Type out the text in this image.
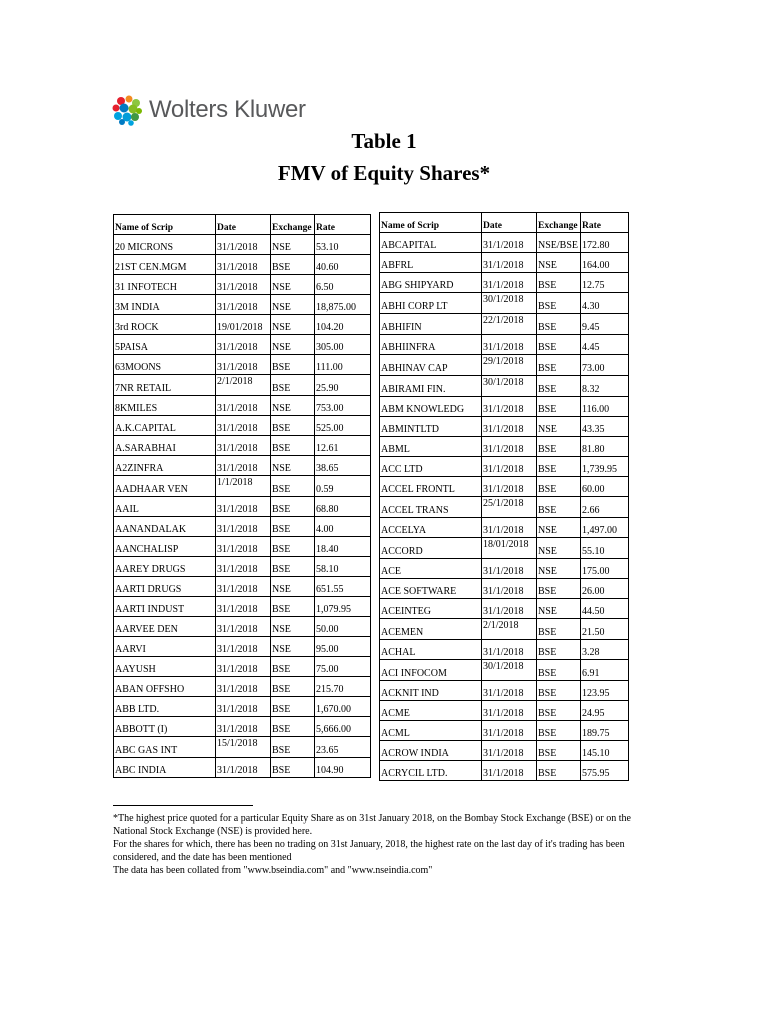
Wolters Kluwer
Table 1
FMV of Equity Shares*
Name of Scrip	Date	Exchange	Rate
20 MICRONS	31/1/2018	NSE	53.10
21ST CEN.MGM	31/1/2018	BSE	40.60
31 INFOTECH	31/1/2018	NSE	6.50
3M INDIA	31/1/2018	NSE	18,875.00
3rd ROCK	19/01/2018	NSE	104.20
5PAISA	31/1/2018	NSE	305.00
63MOONS	31/1/2018	BSE	111.00
7NR RETAIL	2/1/2018	BSE	25.90
8KMILES	31/1/2018	NSE	753.00
A.K.CAPITAL	31/1/2018	BSE	525.00
A.SARABHAI	31/1/2018	BSE	12.61
A2ZINFRA	31/1/2018	NSE	38.65
AADHAAR VEN	1/1/2018	BSE	0.59
AAIL	31/1/2018	BSE	68.80
AANANDALAK	31/1/2018	BSE	4.00
AANCHALISP	31/1/2018	BSE	18.40
AAREY DRUGS	31/1/2018	BSE	58.10
AARTI DRUGS	31/1/2018	NSE	651.55
AARTI INDUST	31/1/2018	BSE	1,079.95
AARVEE DEN	31/1/2018	NSE	50.00
AARVI	31/1/2018	NSE	95.00
AAYUSH	31/1/2018	BSE	75.00
ABAN OFFSHO	31/1/2018	BSE	215.70
ABB LTD.	31/1/2018	BSE	1,670.00
ABBOTT (I)	31/1/2018	BSE	5,666.00
ABC GAS INT	15/1/2018	BSE	23.65
ABC INDIA	31/1/2018	BSE	104.90
Name of Scrip	Date	Exchange	Rate
ABCAPITAL	31/1/2018	NSE/BSE	172.80
ABFRL	31/1/2018	NSE	164.00
ABG SHIPYARD	31/1/2018	BSE	12.75
ABHI CORP LT	30/1/2018	BSE	4.30
ABHIFIN	22/1/2018	BSE	9.45
ABHIINFRA	31/1/2018	BSE	4.45
ABHINAV CAP	29/1/2018	BSE	73.00
ABIRAMI FIN.	30/1/2018	BSE	8.32
ABM KNOWLEDG	31/1/2018	BSE	116.00
ABMINTLTD	31/1/2018	NSE	43.35
ABML	31/1/2018	BSE	81.80
ACC LTD	31/1/2018	BSE	1,739.95
ACCEL FRONTL	31/1/2018	BSE	60.00
ACCEL TRANS	25/1/2018	BSE	2.66
ACCELYA	31/1/2018	NSE	1,497.00
ACCORD	18/01/2018	NSE	55.10
ACE	31/1/2018	NSE	175.00
ACE SOFTWARE	31/1/2018	BSE	26.00
ACEINTEG	31/1/2018	NSE	44.50
ACEMEN	2/1/2018	BSE	21.50
ACHAL	31/1/2018	BSE	3.28
ACI INFOCOM	30/1/2018	BSE	6.91
ACKNIT IND	31/1/2018	BSE	123.95
ACME	31/1/2018	BSE	24.95
ACML	31/1/2018	BSE	189.75
ACROW INDIA	31/1/2018	BSE	145.10
ACRYCIL LTD.	31/1/2018	BSE	575.95

*The highest price quoted for a particular Equity Share as on 31st January 2018, on the Bombay Stock Exchange (BSE) or on the National Stock Exchange (NSE) is provided here.

For the shares for which, there has been no trading on 31st January, 2018, the highest rate on the last day of it's trading has been considered, and the date has been mentioned

The data has been collated from "www.bseindia.com" and "www.nseindia.com"
